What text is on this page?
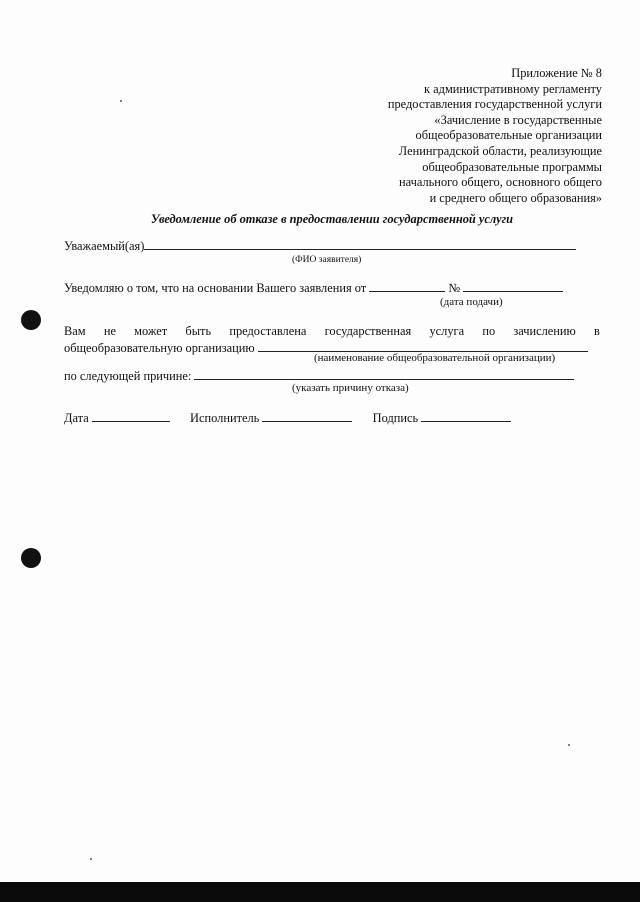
Приложение № 8
к административному регламенту
предоставления государственной услуги
«Зачисление в государственные
общеобразовательные организации
Ленинградской области, реализующие
общеобразовательные программы
начального общего, основного общего
и среднего общего образования»
Уведомление об отказе в предоставлении государственной услуги
Уважаемый(ая)
(ФИО заявителя)
Уведомляю о том, что на основании Вашего заявления от	№
(дата подачи)
Вам не может быть предоставлена государственная услуга по зачислению в
общеобразовательную организацию
(наименование общеобразовательной организации)
по следующей причине:
(указать причину отказа)
Дата	Исполнитель	Подпись
